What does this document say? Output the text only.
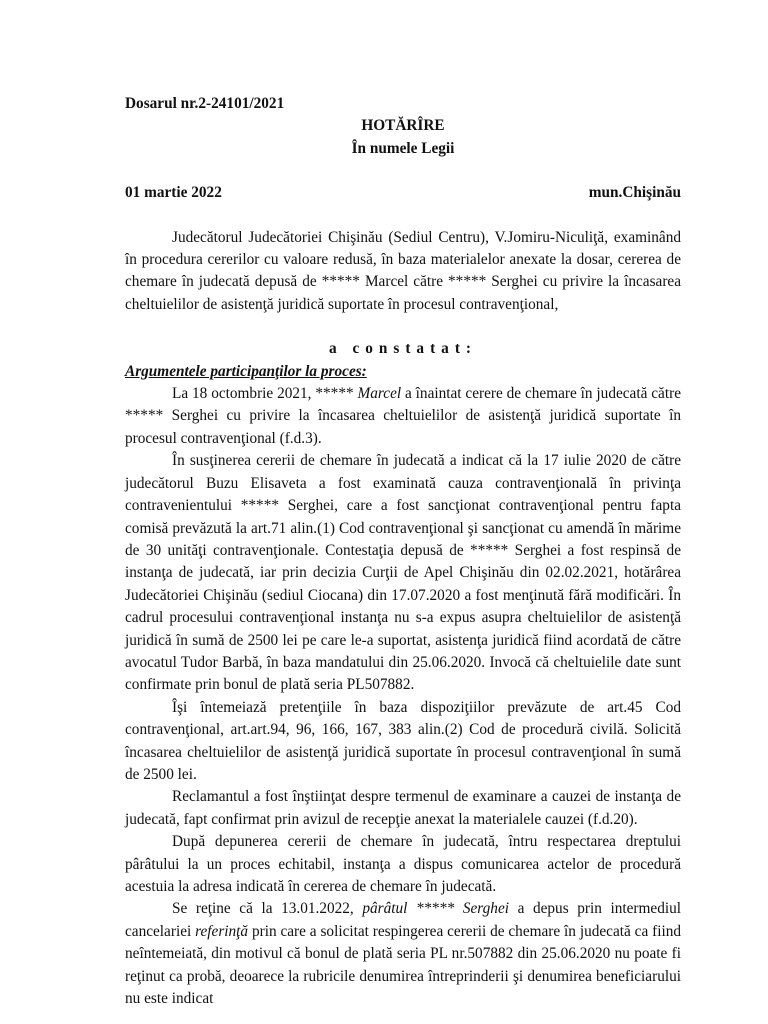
Dosarul nr.2-24101/2021

HOTĂRÎRE

În numele Legii

01 martie 2022	mun.Chişinău

Judecătorul Judecătoriei Chişinău (Sediul Centru), V.Jomiru-Niculiţă, examinând în procedura cererilor cu valoare redusă, în baza materialelor anexate la dosar, cererea de chemare în judecată depusă de ***** Marcel către ***** Serghei cu privire la încasarea cheltuielilor de asistenţă juridică suportate în procesul contravenţional,

a constatat:

Argumentele participanţilor la proces:

La 18 octombrie 2021, ***** Marcel a înaintat cerere de chemare în judecată către ***** Serghei cu privire la încasarea cheltuielilor de asistenţă juridică suportate în procesul contravenţional (f.d.3).

În susţinerea cererii de chemare în judecată a indicat că la 17 iulie 2020 de către judecătorul Buzu Elisaveta a fost examinată cauza contravenţională în privinţa contravenientului ***** Serghei, care a fost sancţionat contravenţional pentru fapta comisă prevăzută la art.71 alin.(1) Cod contravenţional şi sancţionat cu amendă în mărime de 30 unităţi contravenţionale. Contestaţia depusă de ***** Serghei a fost respinsă de instanţa de judecată, iar prin decizia Curţii de Apel Chişinău din 02.02.2021, hotărârea Judecătoriei Chişinău (sediul Ciocana) din 17.07.2020 a fost menţinută fără modificări. În cadrul procesului contravenţional instanţa nu s-a expus asupra cheltuielilor de asistenţă juridică în sumă de 2500 lei pe care le-a suportat, asistenţa juridică fiind acordată de către avocatul Tudor Barbă, în baza mandatului din 25.06.2020. Invocă că cheltuielile date sunt confirmate prin bonul de plată seria PL507882.

Îşi întemeiază pretenţiile în baza dispoziţiilor prevăzute de art.45 Cod contravenţional, art.art.94, 96, 166, 167, 383 alin.(2) Cod de procedură civilă. Solicită încasarea cheltuielilor de asistenţă juridică suportate în procesul contravenţional în sumă de 2500 lei.

Reclamantul a fost înştiinţat despre termenul de examinare a cauzei de instanţa de judecată, fapt confirmat prin avizul de recepţie anexat la materialele cauzei (f.d.20).

După depunerea cererii de chemare în judecată, întru respectarea dreptului pârâtului la un proces echitabil, instanţa a dispus comunicarea actelor de procedură acestuia la adresa indicată în cererea de chemare în judecată.

Se reţine că la 13.01.2022, pârâtul ***** Serghei a depus prin intermediul cancelariei referinţă prin care a solicitat respingerea cererii de chemare în judecată ca fiind neîntemeiată, din motivul că bonul de plată seria PL nr.507882 din 25.06.2020 nu poate fi reţinut ca probă, deoarece la rubricile denumirea întreprinderii şi denumirea beneficiarului nu este indicat
